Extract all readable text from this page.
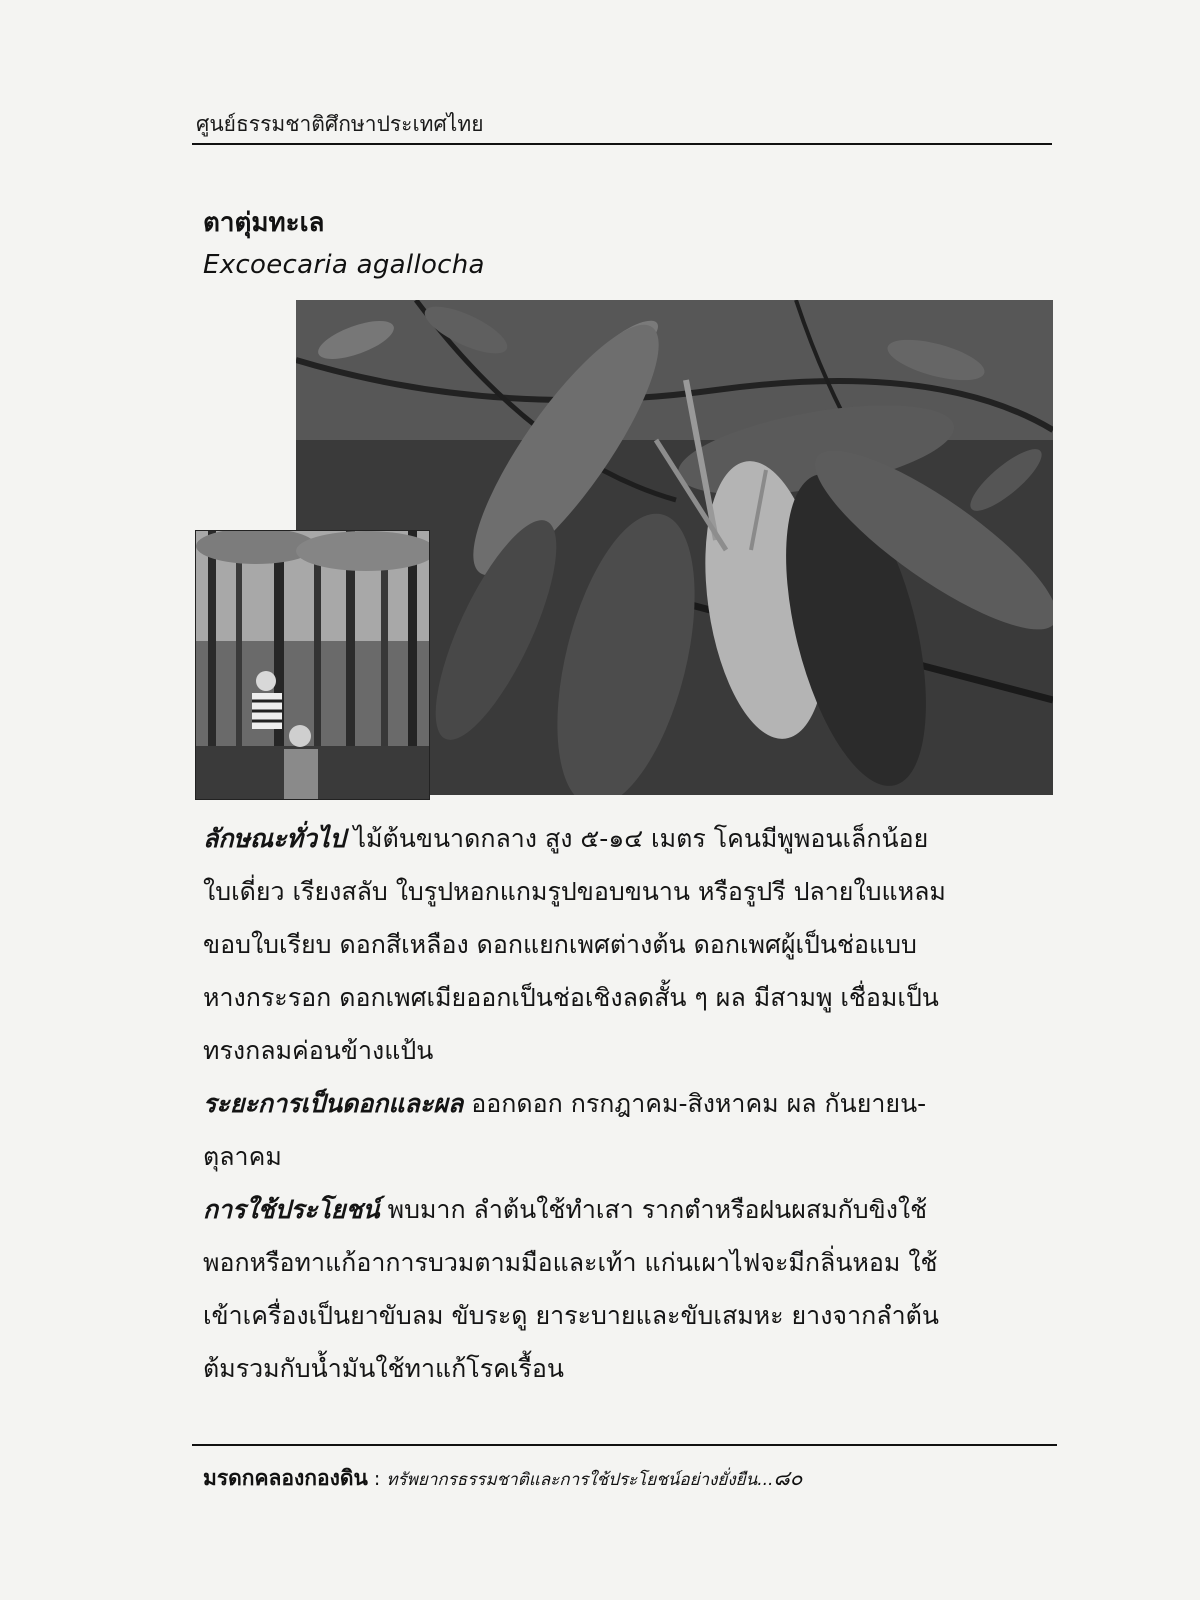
ศูนย์ธรรมชาติศึกษาประเทศไทย
ตาตุ่มทะเล
Excoecaria agallocha

ลักษณะทั่วไป ไม้ต้นขนาดกลาง สูง ๕-๑๔ เมตร โคนมีพูพอนเล็กน้อย
ใบเดี่ยว เรียงสลับ ใบรูปหอกแกมรูปขอบขนาน หรือรูปรี ปลายใบแหลม
ขอบใบเรียบ ดอกสีเหลือง ดอกแยกเพศต่างต้น ดอกเพศผู้เป็นช่อแบบ
หางกระรอก ดอกเพศเมียออกเป็นช่อเชิงลดสั้น ๆ ผล มีสามพู เชื่อมเป็น
ทรงกลมค่อนข้างแป้น

ระยะการเป็นดอกและผล ออกดอก กรกฎาคม-สิงหาคม ผล กันยายน-
ตุลาคม

การใช้ประโยชน์ พบมาก ลำต้นใช้ทำเสา รากตำหรือฝนผสมกับขิงใช้
พอกหรือทาแก้อาการบวมตามมือและเท้า แก่นเผาไฟจะมีกลิ่นหอม ใช้
เข้าเครื่องเป็นยาขับลม ขับระดู ยาระบายและขับเสมหะ ยางจากลำต้น
ต้มรวมกับน้ำมันใช้ทาแก้โรคเรื้อน

มรดกคลองกองดิน : ทรัพยากรธรรมชาติและการใช้ประโยชน์อย่างยั่งยืน...๘๐
